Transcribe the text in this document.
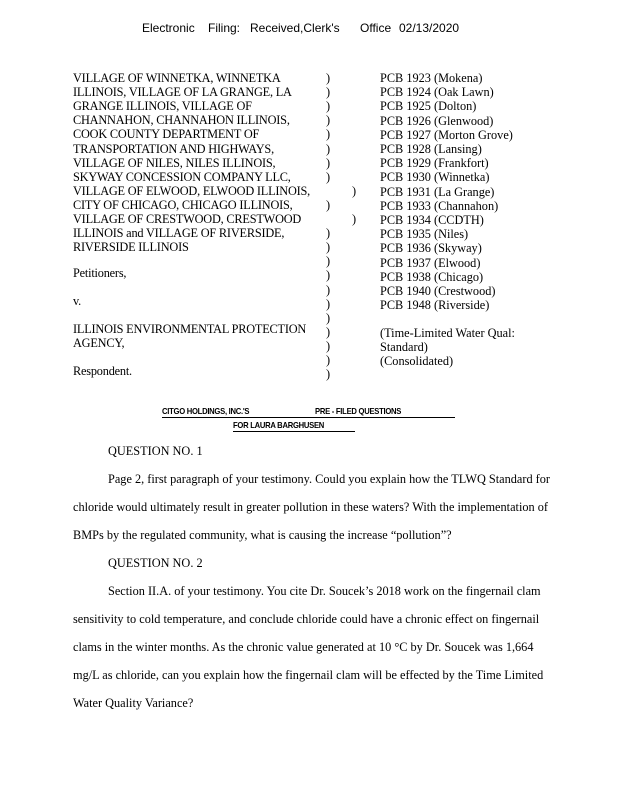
Electronic Filing: Received,Clerk's Office 02/13/2020
CITGO HOLDINGS, INC.'S	PRE - FILED QUESTIONS
FOR LAURA BARGHUSEN
VILLAGE OF WINNETKA, WINNETKA
ILLINOIS, VILLAGE OF LA GRANGE, LA
GRANGE ILLINOIS, VILLAGE OF
CHANNAHON, CHANNAHON ILLINOIS,
COOK COUNTY DEPARTMENT OF
TRANSPORTATION AND HIGHWAYS,
VILLAGE OF NILES, NILES ILLINOIS,
SKYWAY CONCESSION COMPANY LLC,
VILLAGE OF ELWOOD, ELWOOD ILLINOIS,
CITY OF CHICAGO, CHICAGO ILLINOIS,
VILLAGE OF CRESTWOOD, CRESTWOOD
ILLINOIS and VILLAGE OF RIVERSIDE,
RIVERSIDE ILLINOIS
Petitioners,
v.
ILLINOIS ENVIRONMENTAL PROTECTION
AGENCY,
Respondent.
)
)
)
)
)
)
)
)
)
)
)
)
)
)
)
)
)
)
)
)
)
)
PCB 1923 (Mokena)
PCB 1924 (Oak Lawn)
PCB 1925 (Dolton)
PCB 1926 (Glenwood)
PCB 1927 (Morton Grove)
PCB 1928 (Lansing)
PCB 1929 (Frankfort)
PCB 1930 (Winnetka)
PCB 1931 (La Grange)
PCB 1933 (Channahon)
PCB 1934 (CCDTH)
PCB 1935 (Niles)
PCB 1936 (Skyway)
PCB 1937 (Elwood)
PCB 1938 (Chicago)
PCB 1940 (Crestwood)
PCB 1948 (Riverside)
(Time-Limited Water Qual:
Standard)
(Consolidated)
QUESTION NO. 1
Page 2, first paragraph of your testimony. Could you explain how the TLWQ Standard for
chloride would ultimately result in greater pollution in these waters? With the implementation of
BMPs by the regulated community, what is causing the increase “pollution”?
QUESTION NO. 2
Section II.A. of your testimony. You cite Dr. Soucek’s 2018 work on the fingernail clam
sensitivity to cold temperature, and conclude chloride could have a chronic effect on fingernail
clams in the winter months. As the chronic value generated at 10 °C by Dr. Soucek was 1,664
mg/L as chloride, can you explain how the fingernail clam will be effected by the Time Limited
Water Quality Variance?
